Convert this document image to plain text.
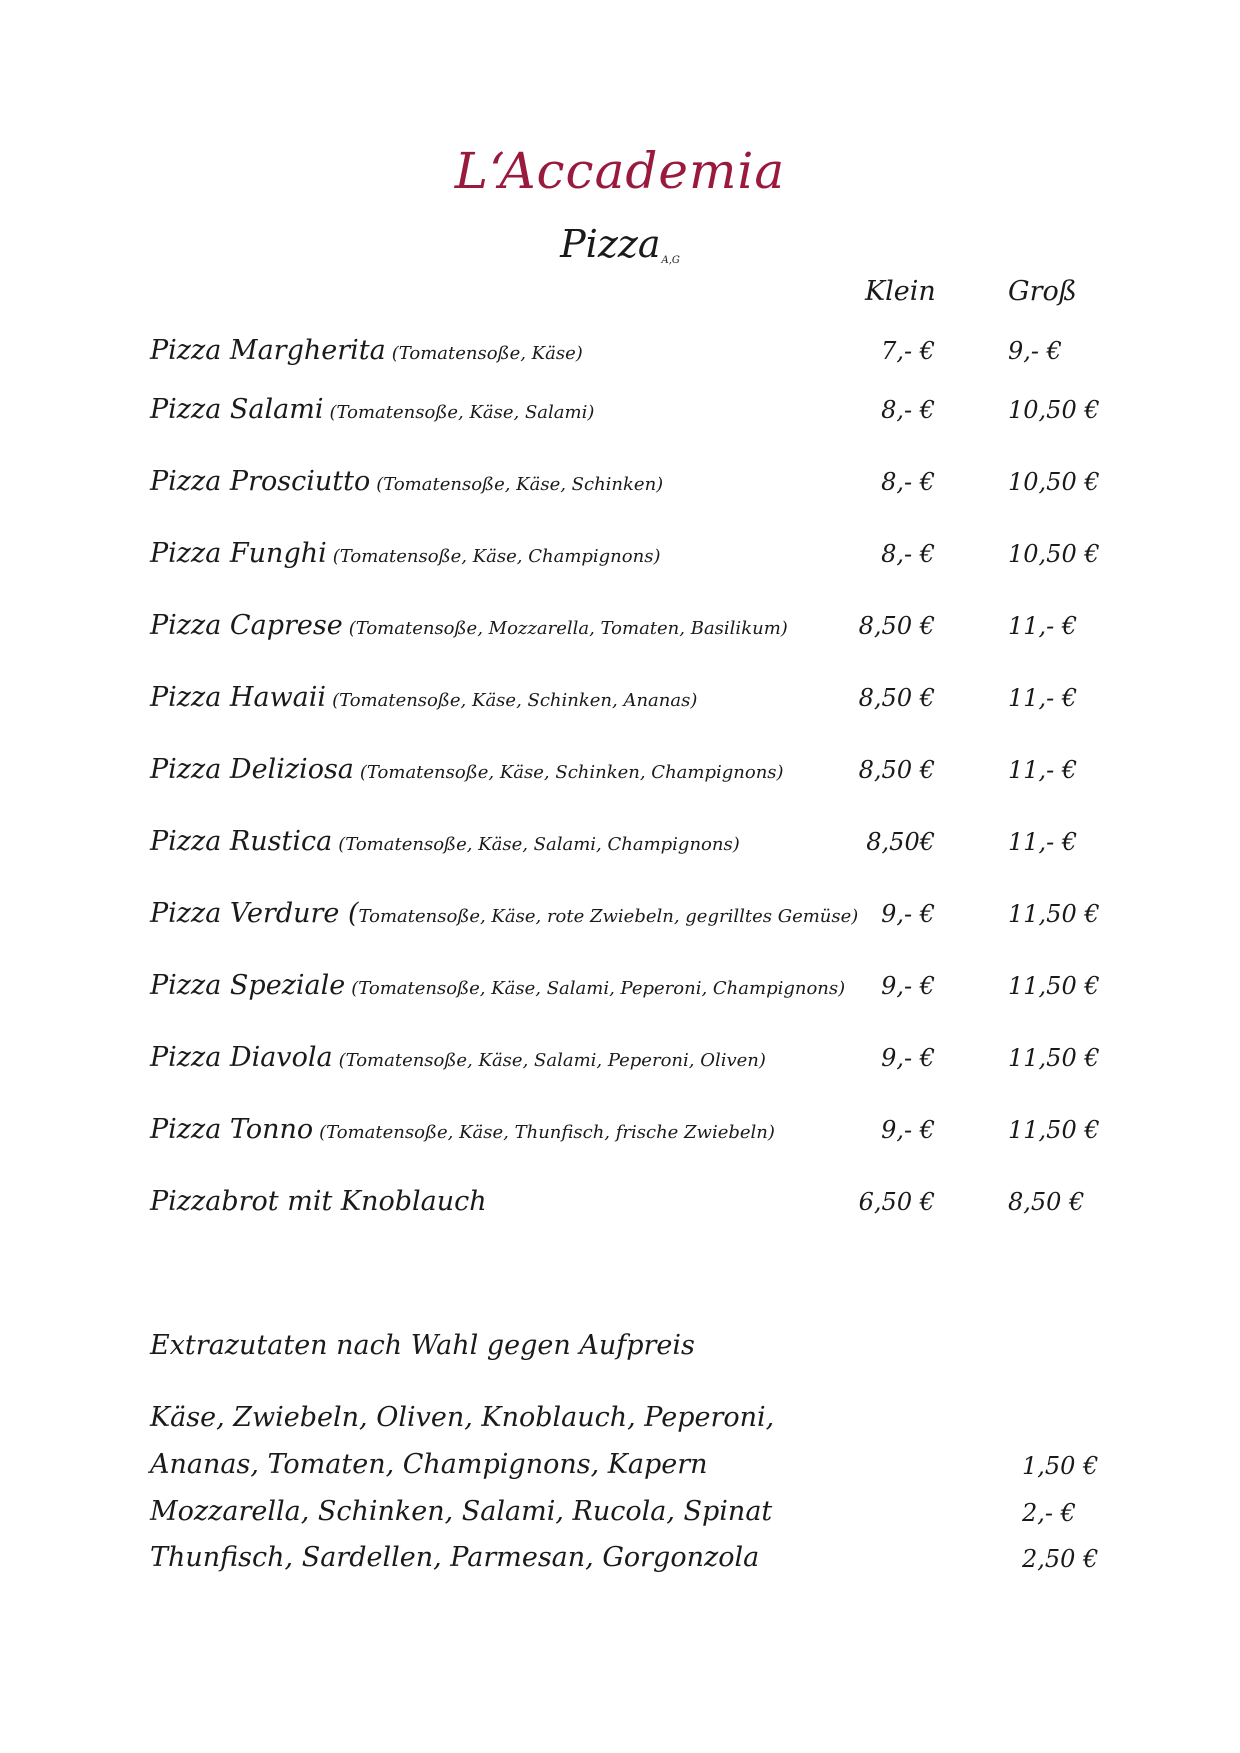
L‘Accademia
Pizza$_{A,G}$
Klein	Groß
Pizza Margherita (Tomatensoße, Käse)	7,- €	9,- €
Pizza Salami (Tomatensoße, Käse, Salami)	8,- €	10,50 €
Pizza Prosciutto (Tomatensoße, Käse, Schinken)	8,- €	10,50 €
Pizza Funghi (Tomatensoße, Käse, Champignons)	8,- €	10,50 €
Pizza Caprese (Tomatensoße, Mozzarella, Tomaten, Basilikum)	8,50 €	11,- €
Pizza Hawaii (Tomatensoße, Käse, Schinken, Ananas)	8,50 €	11,- €
Pizza Deliziosa (Tomatensoße, Käse, Schinken, Champignons)	8,50 €	11,- €
Pizza Rustica (Tomatensoße, Käse, Salami, Champignons)	8,50€	11,- €
Pizza Verdure (Tomatensoße, Käse, rote Zwiebeln, gegrilltes Gemüse) 9,- €	11,50 €
Pizza Speziale (Tomatensoße, Käse, Salami, Peperoni, Champignons) 9,- €	11,50 €
Pizza Diavola (Tomatensoße, Käse, Salami, Peperoni, Oliven)	9,- €	11,50 €
Pizza Tonno (Tomatensoße, Käse, Thunfisch, frische Zwiebeln)	9,- €	11,50 €
Pizzabrot mit Knoblauch	6,50 €	8,50 €
Extrazutaten nach Wahl gegen Aufpreis
Käse, Zwiebeln, Oliven, Knoblauch, Peperoni,
Ananas, Tomaten, Champignons, Kapern	1,50 €
Mozzarella, Schinken, Salami, Rucola, Spinat	2,- €
Thunfisch, Sardellen, Parmesan, Gorgonzola	2,50 €
